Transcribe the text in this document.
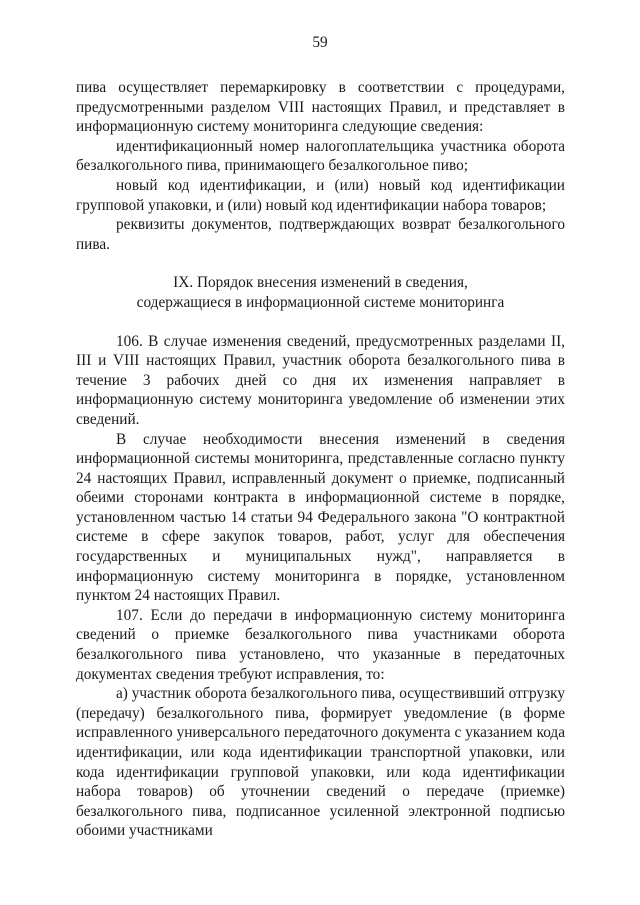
59

пива осуществляет перемаркировку в соответствии с процедурами, предусмотренными разделом VIII настоящих Правил, и представляет в информационную систему мониторинга следующие сведения:

идентификационный номер налогоплательщика участника оборота безалкогольного пива, принимающего безалкогольное пиво;

новый код идентификации, и (или) новый код идентификации групповой упаковки, и (или) новый код идентификации набора товаров;

реквизиты документов, подтверждающих возврат безалкогольного пива.

IX. Порядок внесения изменений в сведения,
содержащиеся в информационной системе мониторинга

106. В случае изменения сведений, предусмотренных разделами II, III и VIII настоящих Правил, участник оборота безалкогольного пива в течение 3 рабочих дней со дня их изменения направляет в информационную систему мониторинга уведомление об изменении этих сведений.

В случае необходимости внесения изменений в сведения информационной системы мониторинга, представленные согласно пункту 24 настоящих Правил, исправленный документ о приемке, подписанный обеими сторонами контракта в информационной системе в порядке, установленном частью 14 статьи 94 Федерального закона "О контрактной системе в сфере закупок товаров, работ, услуг для обеспечения государственных и муниципальных нужд", направляется в информационную систему мониторинга в порядке, установленном пунктом 24 настоящих Правил.

107. Если до передачи в информационную систему мониторинга сведений о приемке безалкогольного пива участниками оборота безалкогольного пива установлено, что указанные в передаточных документах сведения требуют исправления, то:

а) участник оборота безалкогольного пива, осуществивший отгрузку (передачу) безалкогольного пива, формирует уведомление (в форме исправленного универсального передаточного документа с указанием кода идентификации, или кода идентификации транспортной упаковки, или кода идентификации групповой упаковки, или кода идентификации набора товаров) об уточнении сведений о передаче (приемке) безалкогольного пива, подписанное усиленной электронной подписью обоими участниками
